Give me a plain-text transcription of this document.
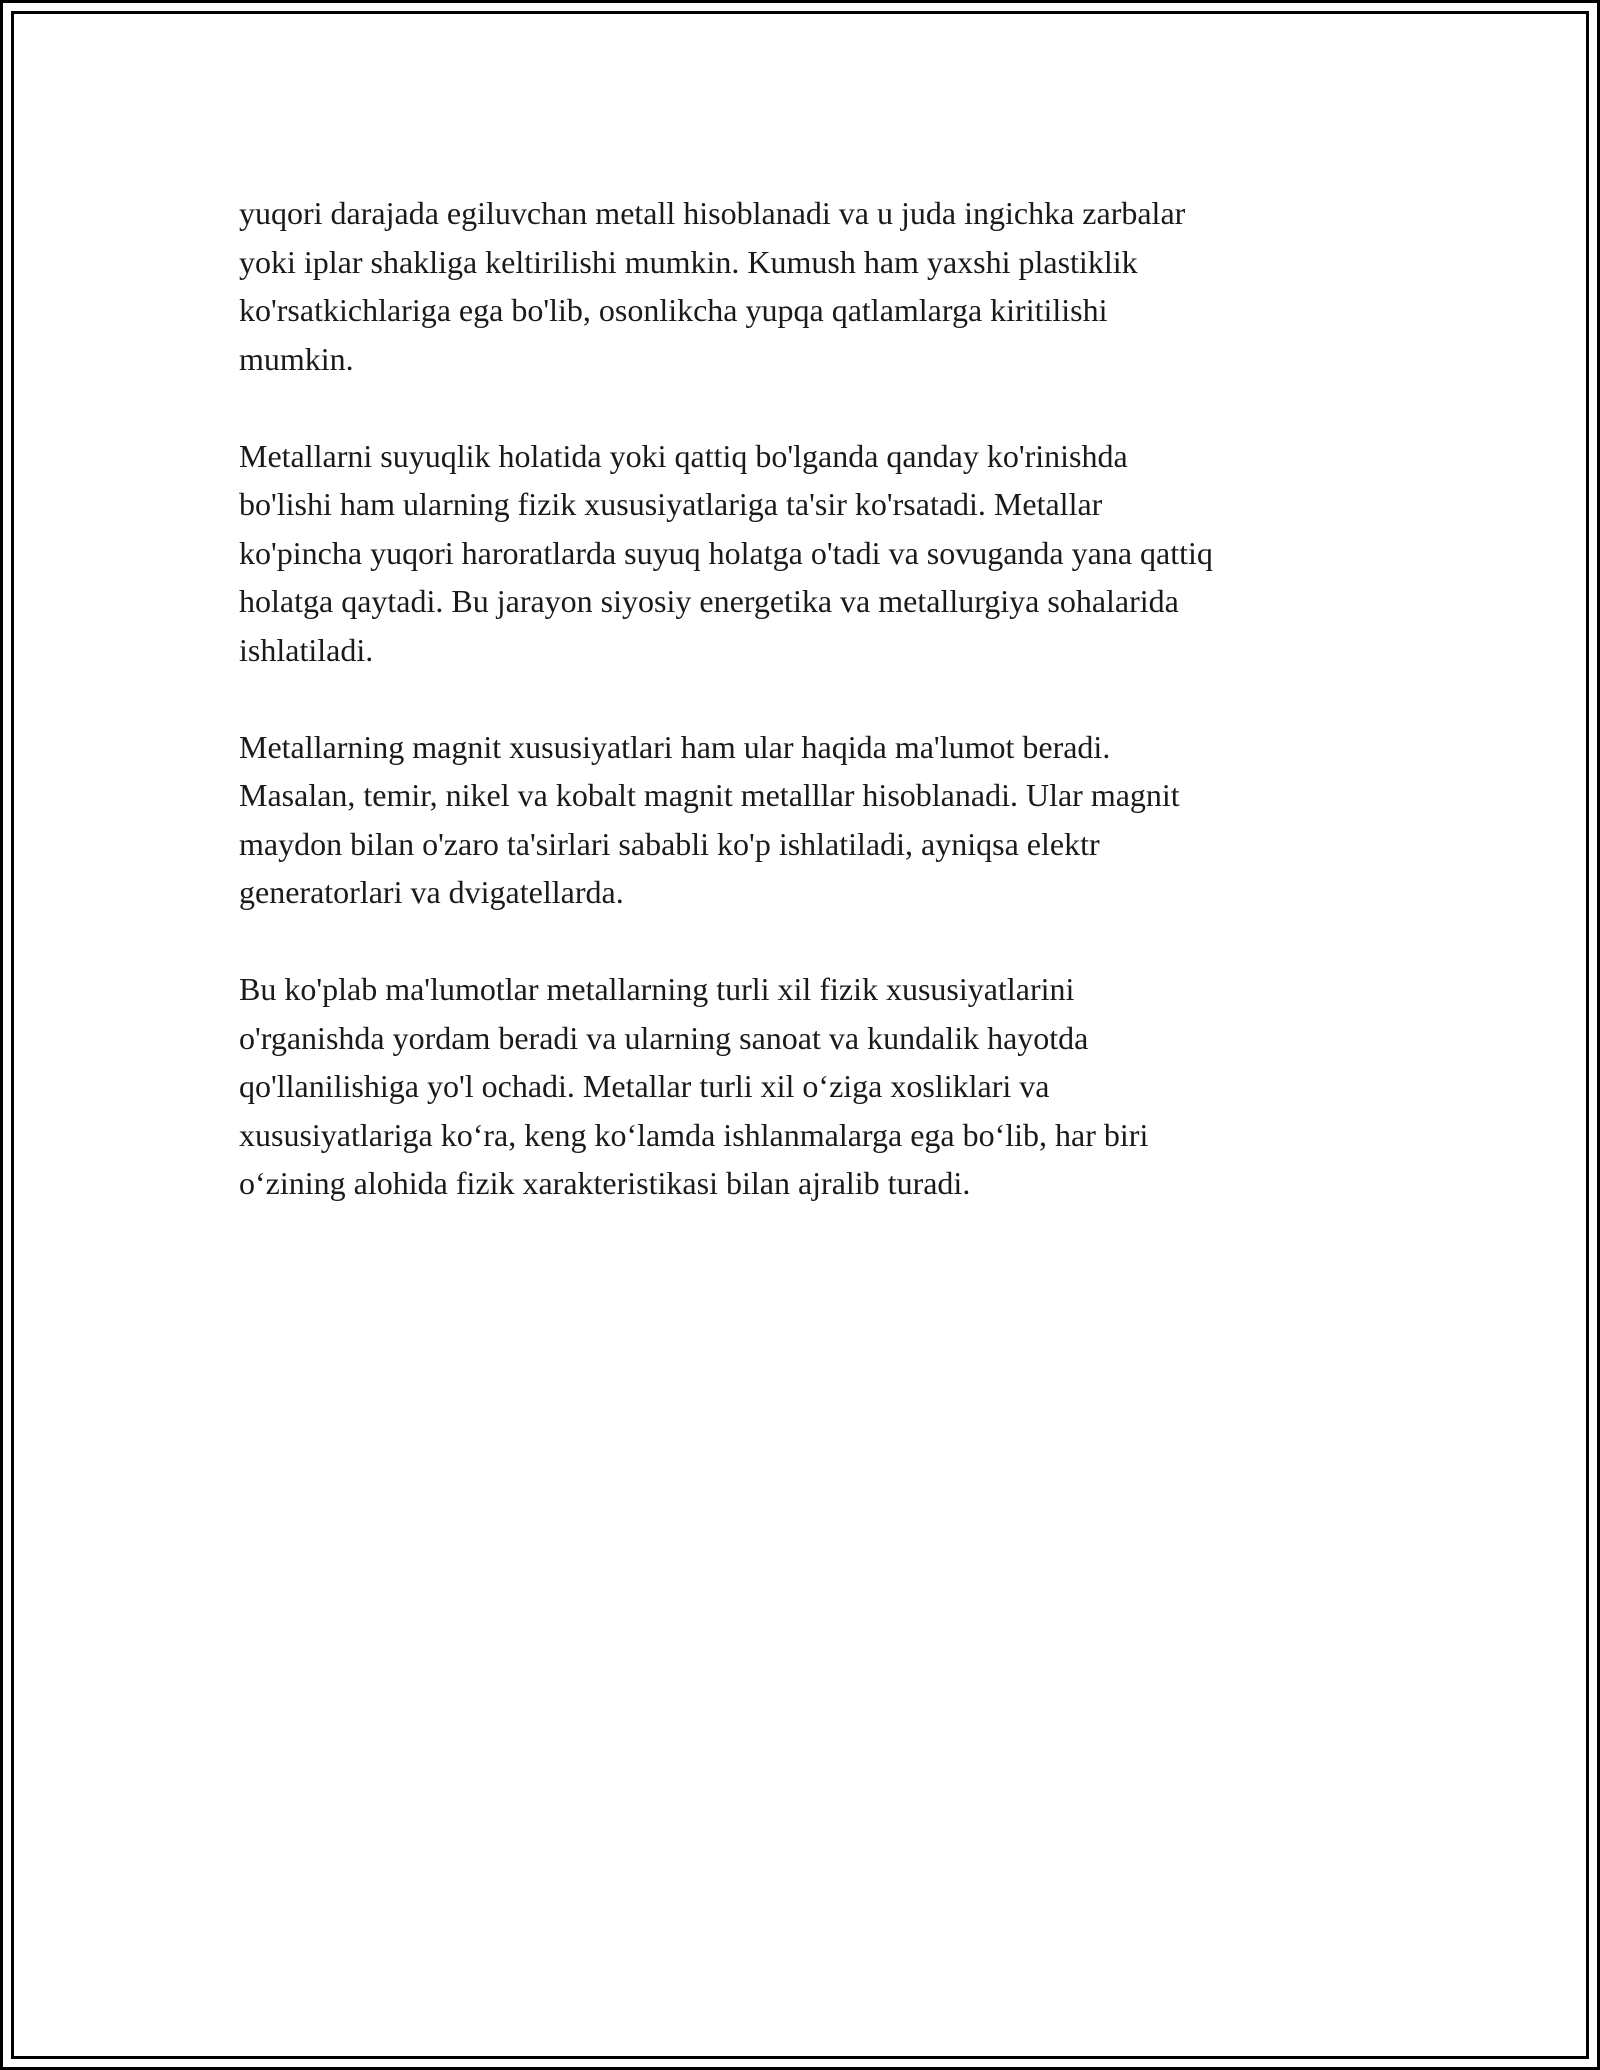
yuqori darajada egiluvchan metall hisoblanadi va u juda ingichka zarbalar
yoki iplar shakliga keltirilishi mumkin. Kumush ham yaxshi plastiklik
ko'rsatkichlariga ega bo'lib, osonlikcha yupqa qatlamlarga kiritilishi
mumkin.

Metallarni suyuqlik holatida yoki qattiq bo'lganda qanday ko'rinishda
bo'lishi ham ularning fizik xususiyatlariga ta'sir ko'rsatadi. Metallar
ko'pincha yuqori haroratlarda suyuq holatga o'tadi va sovuganda yana qattiq
holatga qaytadi. Bu jarayon siyosiy energetika va metallurgiya sohalarida
ishlatiladi.

Metallarning magnit xususiyatlari ham ular haqida ma'lumot beradi.
Masalan, temir, nikel va kobalt magnit metalllar hisoblanadi. Ular magnit
maydon bilan o'zaro ta'sirlari sababli ko'p ishlatiladi, ayniqsa elektr
generatorlari va dvigatellarda.

Bu ko'plab ma'lumotlar metallarning turli xil fizik xususiyatlarini
o'rganishda yordam beradi va ularning sanoat va kundalik hayotda
qo'llanilishiga yo'l ochadi. Metallar turli xil o‘ziga xosliklari va
xususiyatlariga ko‘ra, keng ko‘lamda ishlanmalarga ega bo‘lib, har biri
o‘zining alohida fizik xarakteristikasi bilan ajralib turadi.
